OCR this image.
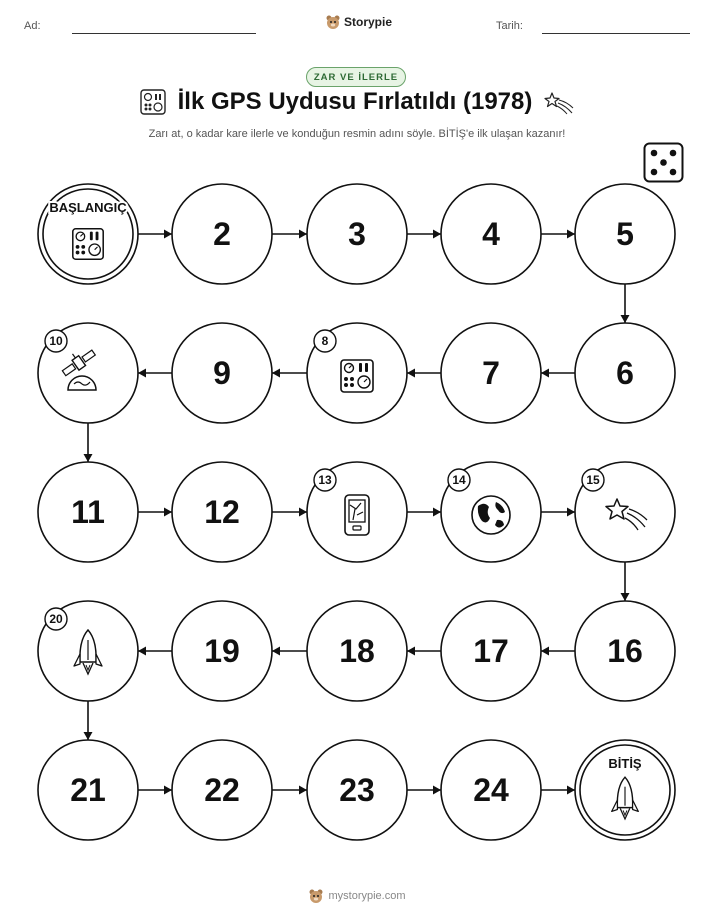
Ad:	Storypie	Tarih:
ZAR VE İLERLE
İlk GPS Uydusu Fırlatıldı (1978)
Zarı at, o kadar kare ilerle ve konduğun resmin adını söyle. BİTİŞ'e ilk ulaşan kazanır!
BAŞLANGIÇ
2	3	4	5
6
7
8
9
10
11	12
13	14	15
16
17
18
19
20
21	22	23	24
BİTİŞ
mystorypie.com
